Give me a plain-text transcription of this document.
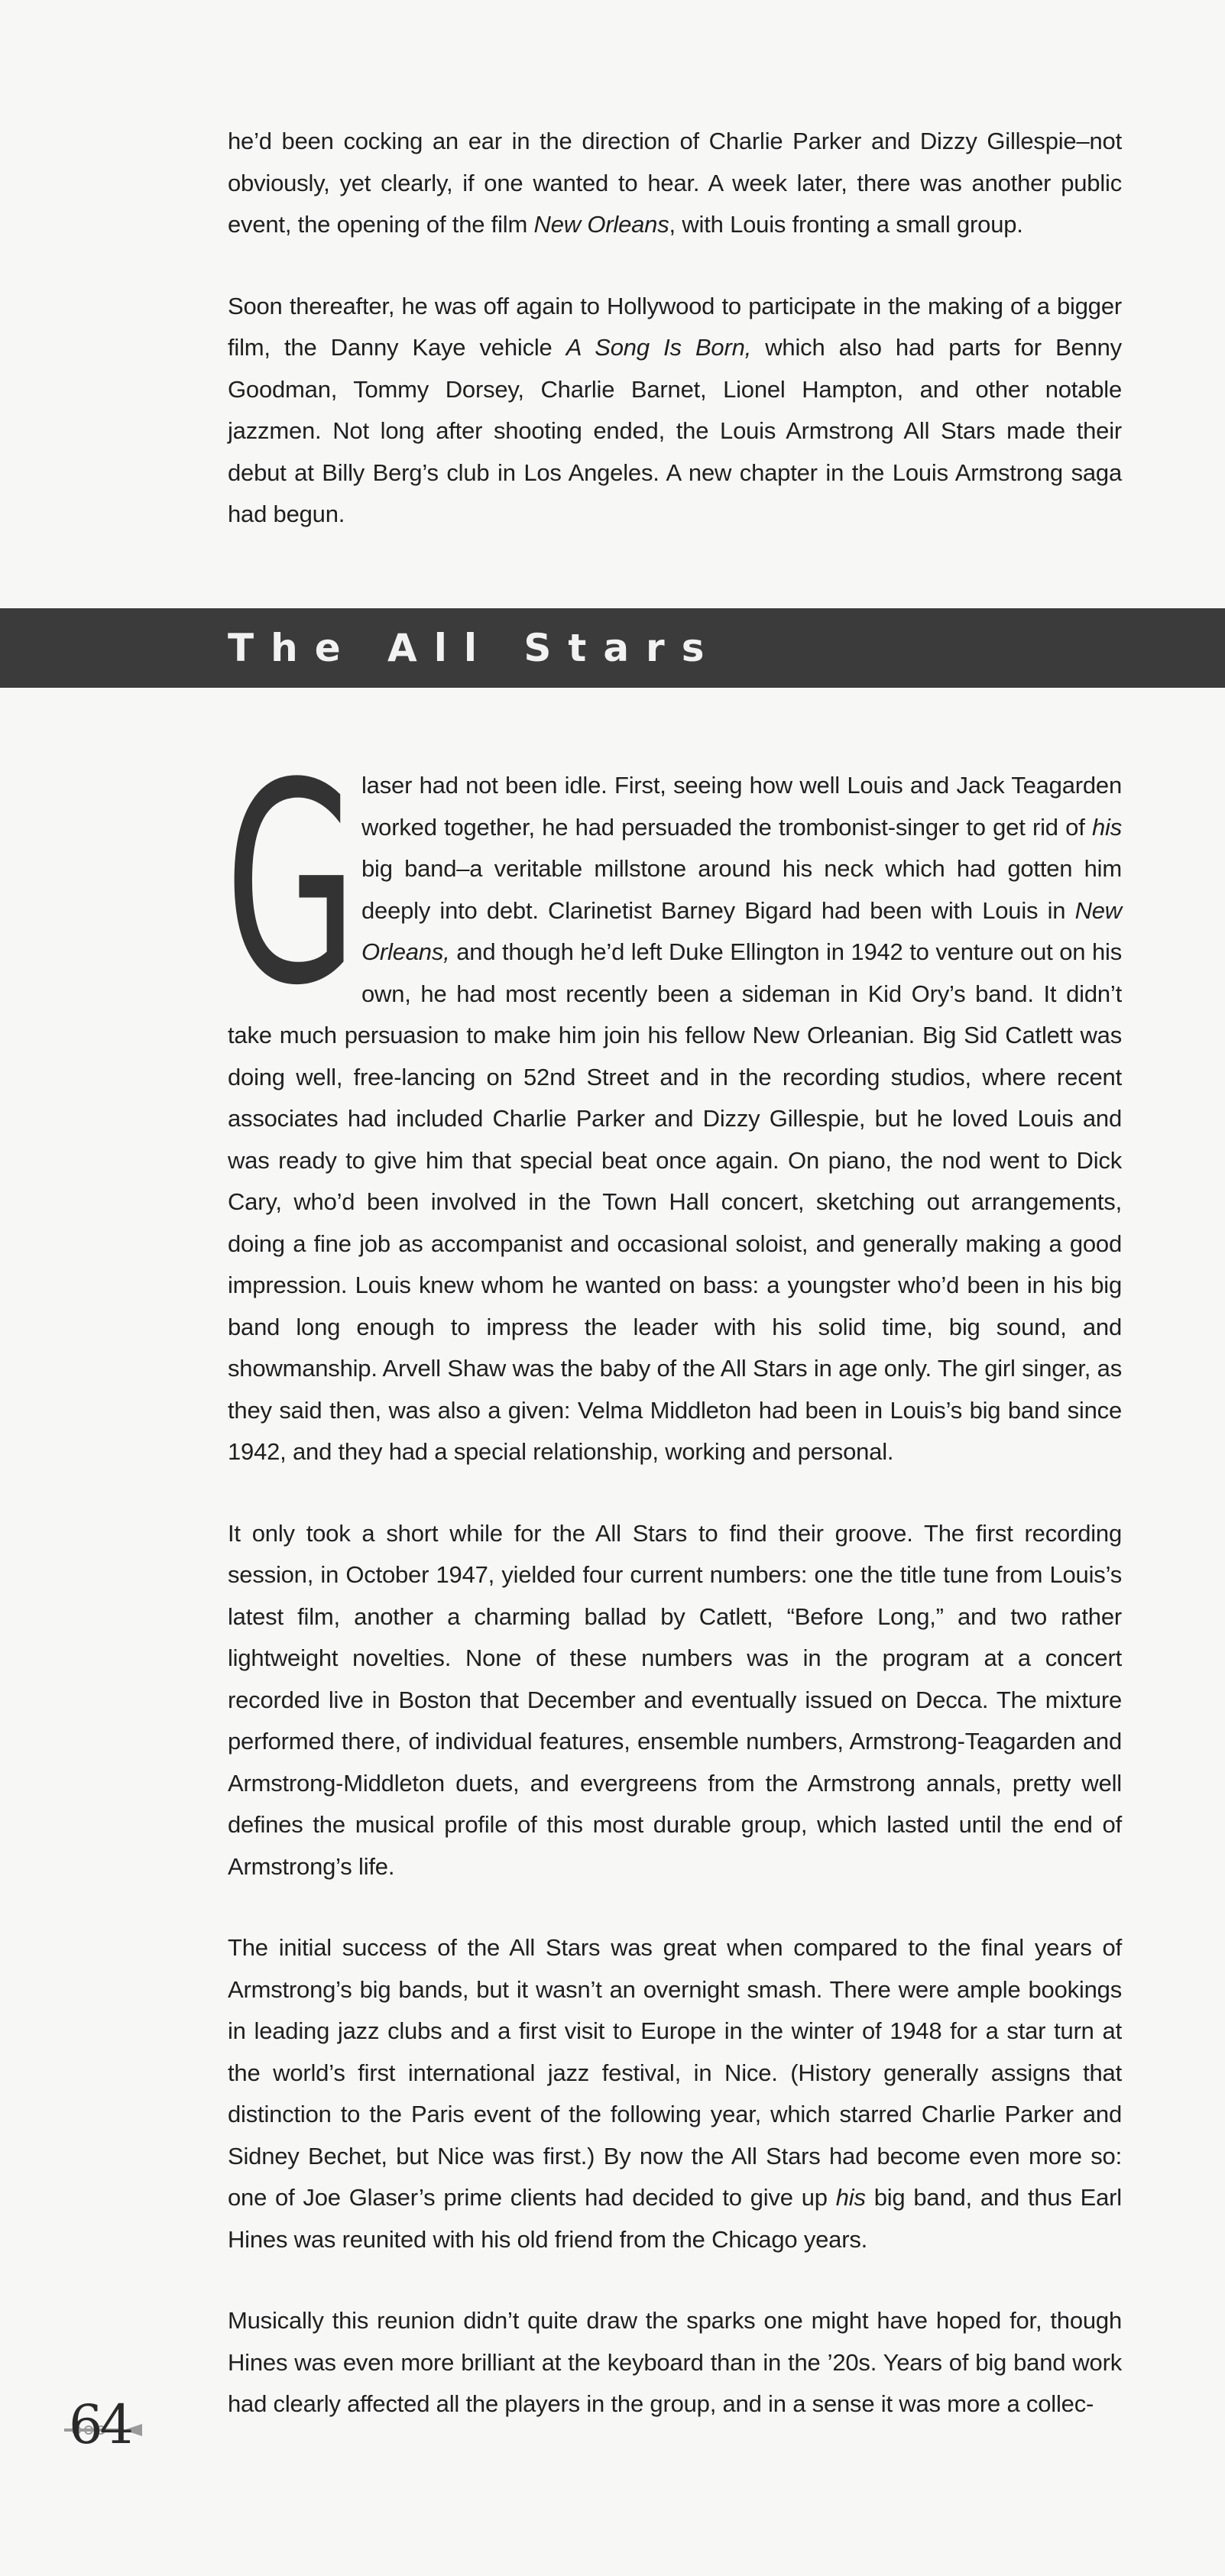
he’d been cocking an ear in the direction of Charlie Parker and Dizzy Gillespie–not obviously, yet clearly, if one wanted to hear. A week later, there was another public event, the opening of the film New Orleans, with Louis fronting a small group.

Soon thereafter, he was off again to Hollywood to participate in the making of a bigger film, the Danny Kaye vehicle A Song Is Born, which also had parts for Benny Goodman, Tommy Dorsey, Charlie Barnet, Lionel Hampton, and other notable jazzmen. Not long after shooting ended, the Louis Armstrong All Stars made their debut at Billy Berg’s club in Los Angeles. A new chapter in the Louis Armstrong saga had begun.

The All Stars

Glaser had not been idle. First, seeing how well Louis and Jack Teagarden worked together, he had persuaded the trombonist-singer to get rid of his big band–a veritable millstone around his neck which had gotten him deeply into debt. Clarinetist Barney Bigard had been with Louis in New Orleans, and though he’d left Duke Ellington in 1942 to venture out on his own, he had most recently been a sideman in Kid Ory’s band. It didn’t take much persuasion to make him join his fellow New Orleanian. Big Sid Catlett was doing well, free-lancing on 52nd Street and in the recording studios, where recent associates had included Charlie Parker and Dizzy Gillespie, but he loved Louis and was ready to give him that special beat once again. On piano, the nod went to Dick Cary, who’d been involved in the Town Hall concert, sketching out arrangements, doing a fine job as accompanist and occasional soloist, and generally making a good impression. Louis knew whom he wanted on bass: a youngster who’d been in his big band long enough to impress the leader with his solid time, big sound, and showmanship. Arvell Shaw was the baby of the All Stars in age only. The girl singer, as they said then, was also a given: Velma Middleton had been in Louis’s big band since 1942, and they had a special relationship, working and personal.

It only took a short while for the All Stars to find their groove. The first recording session, in October 1947, yielded four current numbers: one the title tune from Louis’s latest film, another a charming ballad by Catlett, “Before Long,” and two rather lightweight novelties. None of these numbers was in the program at a concert recorded live in Boston that December and eventually issued on Decca. The mixture performed there, of individual features, ensemble numbers, Armstrong-Teagarden and Armstrong-Middleton duets, and evergreens from the Armstrong annals, pretty well defines the musical profile of this most durable group, which lasted until the end of Armstrong’s life.

The initial success of the All Stars was great when compared to the final years of Armstrong’s big bands, but it wasn’t an overnight smash. There were ample bookings in leading jazz clubs and a first visit to Europe in the winter of 1948 for a star turn at the world’s first international jazz festival, in Nice. (History generally assigns that distinction to the Paris event of the following year, which starred Charlie Parker and Sidney Bechet, but Nice was first.) By now the All Stars had become even more so: one of Joe Glaser’s prime clients had decided to give up his big band, and thus Earl Hines was reunited with his old friend from the Chicago years.

Musically this reunion didn’t quite draw the sparks one might have hoped for, though Hines was even more brilliant at the keyboard than in the ’20s. Years of big band work had clearly affected all the players in the group, and in a sense it was more a collec-

64
